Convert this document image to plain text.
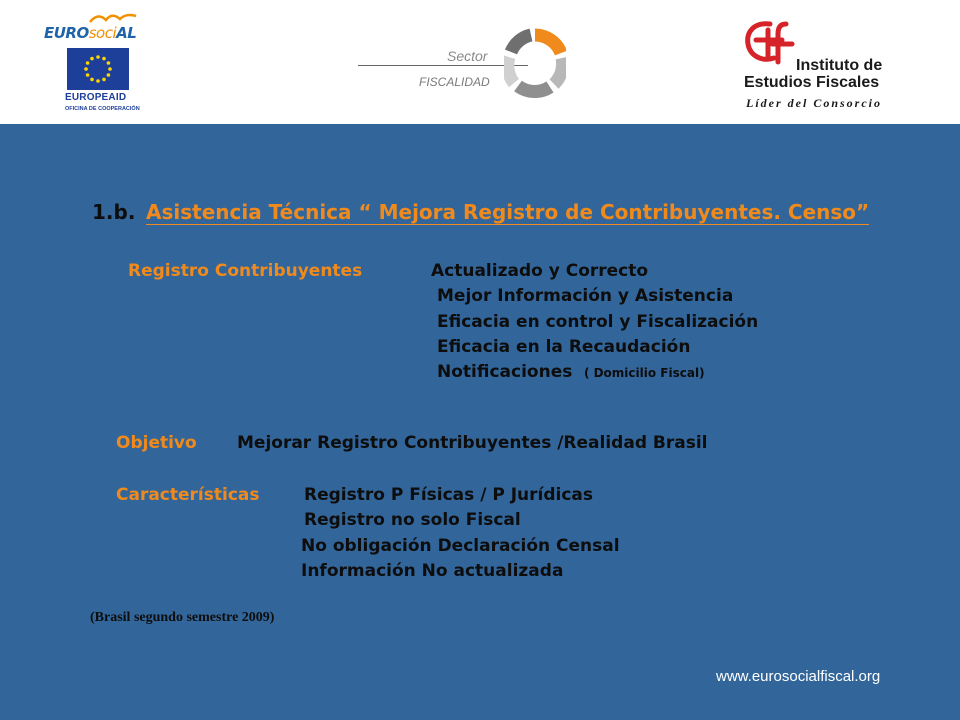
EUROsociAL
EUROPEAID
OFICINA DE COOPERACIÓN
Sector
FISCALIDAD
Instituto de
Estudios Fiscales
Líder del Consorcio
1.b. Asistencia Técnica “ Mejora Registro de Contribuyentes. Censo”
Registro Contribuyentes	Actualizado y Correcto
Mejor Información y Asistencia
Eficacia en control y Fiscalización
Eficacia en la Recaudación
Notificaciones ( Domicilio Fiscal)
Objetivo Mejorar Registro Contribuyentes /Realidad Brasil
Características	Registro P Físicas / P Jurídicas
Registro no solo Fiscal
No obligación Declaración Censal
Información No actualizada
(Brasil segundo semestre 2009)
www.eurosocialfiscal.org
